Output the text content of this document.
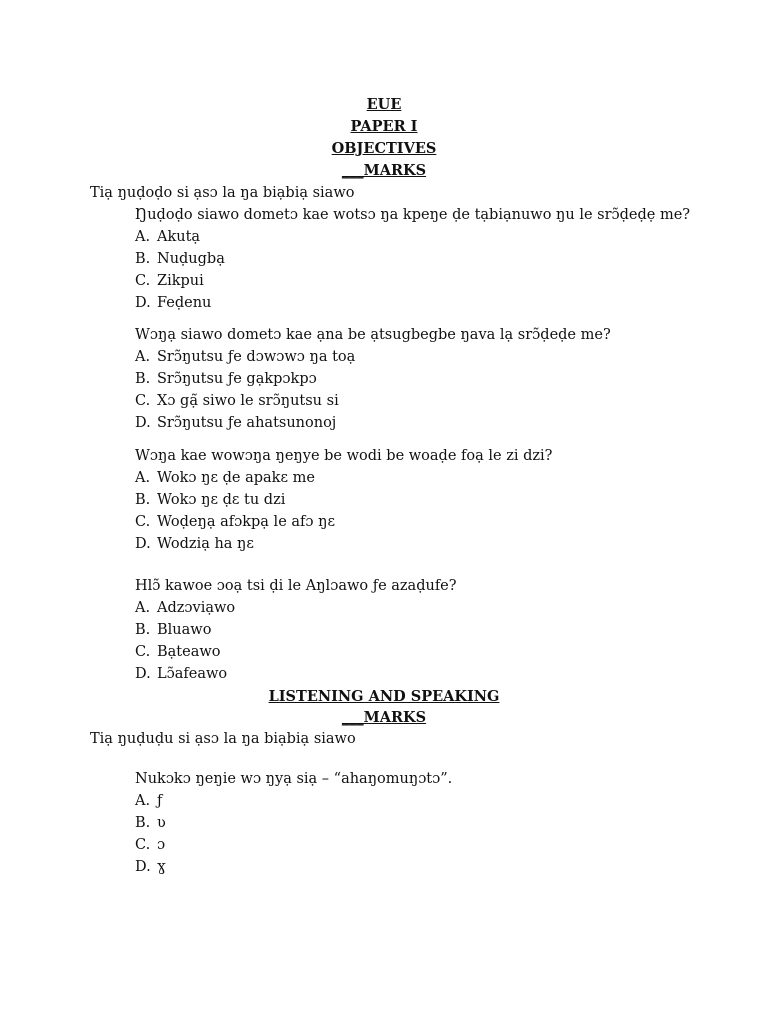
EUE
PAPER I
OBJECTIVES
___MARKS
Tiạ ŋuḍoḍo si ạsɔ la ŋa biạbiạ siawo
Ŋuḍoḍo siawo dometɔ kae wotsɔ ŋa kpeŋe ḍe tạbiạnuwo ŋu le srɔ̃ḍeḍẹ me?
A. Akutạ
B. Nuḍugbạ
C. Zikpui
D. Feḍenu
Wɔŋạ siawo dometɔ kae ạna be ạtsugbegbe ŋava lạ srɔ̃ḍeḍe me?
A. Srɔ̃ŋutsu ƒe dɔwɔwɔ ŋa toạ
B. Srɔ̃ŋutsu ƒe gạkpɔkpɔ
C. Xɔ gạ̃ siwo le srɔ̃ŋutsu si
D. Srɔ̃ŋutsu ƒe ahatsunonoj
Wɔŋa kae wowɔŋa ŋeŋye be wodi be woaḍe foạ le zi dzi?
A. Wokɔ ŋɛ ḍe apakɛ me
B. Wokɔ ŋɛ ḍɛ tu dzi
C. Woḍeŋạ afɔkpạ le afɔ ŋɛ
D. Wodziạ ha ŋɛ
Hlɔ̃ kawoe ɔoạ tsi ḍi le Aŋlɔawo ƒe azaḍufe?
A. Adzɔviạwo
B. Bluawo
C. Bạteawo
D. Lɔ̃afeawo
LISTENING AND SPEAKING
___MARKS
Tiạ ŋuḍuḍu si ạsɔ la ŋa biạbiạ siawo
Nukɔkɔ ŋeŋie wɔ ŋyạ siạ – “ahaŋomuŋɔtɔ”.
A. ƒ
B. ʋ
C. ɔ
D. ɣ
